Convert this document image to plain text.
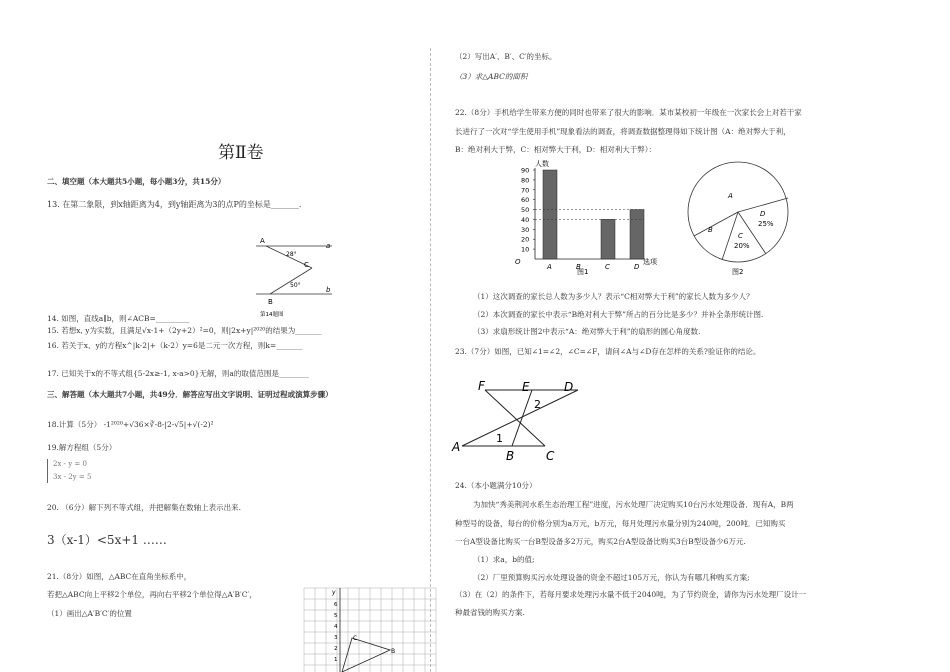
第Ⅱ卷
二、填空题（本大题共5小题，每小题3分，共15分）
13. 在第二象限，到x轴距离为4，到y轴距离为3的点P的坐标是_______.
A
a
28°
C
50°
b
B
第14题图
14. 如图，直线a∥b，则∠ACB=_________
15. 若想x, y为实数，且满足√x-1+（2y+2）²=0，则|2x+y|²⁰²⁰的结果为_______
16. 若关于x、y的方程x^|k-2|+（k-2）y=6是二元一次方程，则k=_______
17. 已知关于x的不等式组{5-2x≥-1, x-a>0}无解，则a的取值范围是________
三、解答题（本大题共7小题，共49分．解答应写出文字说明、证明过程或演算步骤）
18.计算（5分） -1²⁰²⁰+√36×∛-8-|2-√5|+√(-2)²
19.解方程组（5分）
2x - y = 0
3x - 2y = 5
20. （6分）解下列不等式组，并把解集在数轴上表示出来.
3（x-1）<5x+1 ……
21.（8分）如图，△ABC在直角坐标系中，
若把△ABC向上平移2个单位，再向右平移2个单位得△A′B′C′，
（1）画出△A′B′C′的位置
y
6
5
4
3
2
1
C
B
（2）写出A′、B′、C′的坐标。
（3）求△ABC的面积
22.（8分）手机给学生带来方便的同时也带来了很大的影响．某市某校初一年级在一次家长会上对若干家
长进行了一次对“学生使用手机”现象看法的调查，将调查数据整理得如下统计图（A：绝对弊大于利，
B：绝对利大于弊，C：相对弊大于利，D：相对利大于弊）：
人数
90
80
70
60
50
40
30
20
10
A	B	C	D
O	选项
图1
A
B
C
20%
D
25%
图2
（1）这次调查的家长总人数为多少人？表示“C相对弊大于利”的家长人数为多少人？
（2）本次调查的家长中表示“B绝对利大于弊”所占的百分比是多少？并补全条形统计图.
（3）求扇形统计图2中表示“A：绝对弊大于利”的扇形的圆心角度数.
23.（7分）如图，已知∠1=∠2，∠C=∠F，请问∠A与∠D存在怎样的关系?验证你的结论。
F	E	D
A
B	C
1
2
24.（本小题满分10分）
为加快“秀美荆河水系生态治理工程”进度，污水处理厂决定购买10台污水处理设备．现有A，B两
种型号的设备，每台的价格分别为a万元，b万元，每月处理污水量分别为240吨，200吨．已知购买
一台A型设备比购买一台B型设备多2万元，购买2台A型设备比购买3台B型设备少6万元.
（1）求a，b的值;
（2）厂里预算购买污水处理设备的资金不超过105万元，你认为有哪几种购买方案;
（3）在（2）的条件下，若每月要求处理污水量不低于2040吨，为了节约资金，请你为污水处理厂设计一
种最省钱的购买方案.
